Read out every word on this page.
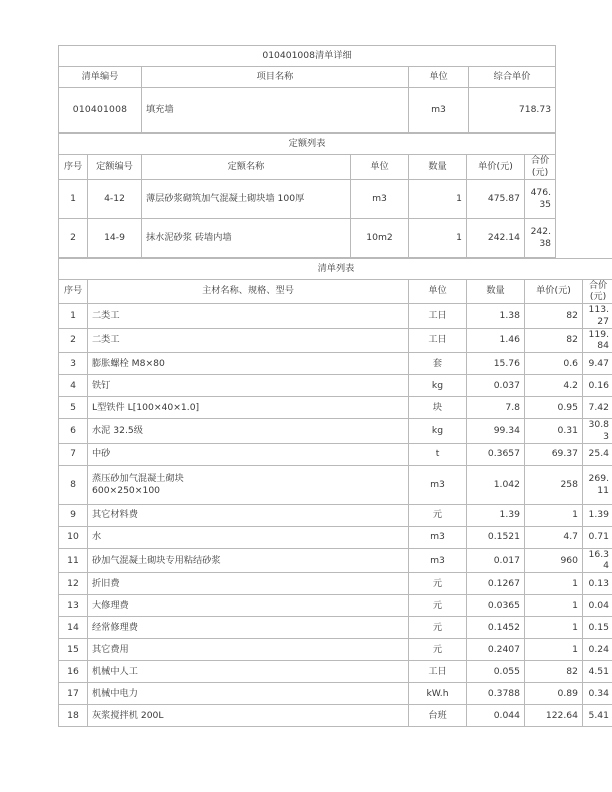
010401008清单详细			
清单编号	项目名称	单位	综合单价
010401008	填充墙	m3	718.73
定额列表						
序号	定额编号	定额名称	单位	数量	单价(元)	合价(元)
1	4-12	薄层砂浆砌筑加气混凝土砌块墙 100厚	m3	1	475.87	476.35
2	14-9	抹水泥砂浆 砖墙内墙	10m2	1	242.14	242.38
清单列表					
序号	主材名称、规格、型号	单位	数量	单价(元)	合价(元)
1	二类工	工日	1.38	82	113.27
2	二类工	工日	1.46	82	119.84
3	膨胀螺栓 M8×80	套	15.76	0.6	9.47
4	铁钉	kg	0.037	4.2	0.16
5	L型铁件 L[100×40×1.0]	块	7.8	0.95	7.42
6	水泥 32.5级	kg	99.34	0.31	30.83
7	中砂	t	0.3657	69.37	25.4
8	蒸压砂加气混凝土砌块
600×250×100	m3	1.042	258	269.11
9	其它材料费	元	1.39	1	1.39
10	水	m3	0.1521	4.7	0.71
11	砂加气混凝土砌块专用粘结砂浆	m3	0.017	960	16.34
12	折旧费	元	0.1267	1	0.13
13	大修理费	元	0.0365	1	0.04
14	经常修理费	元	0.1452	1	0.15
15	其它费用	元	0.2407	1	0.24
16	机械中人工	工日	0.055	82	4.51
17	机械中电力	kW.h	0.3788	0.89	0.34
18	灰浆搅拌机 200L	台班	0.044	122.64	5.41
